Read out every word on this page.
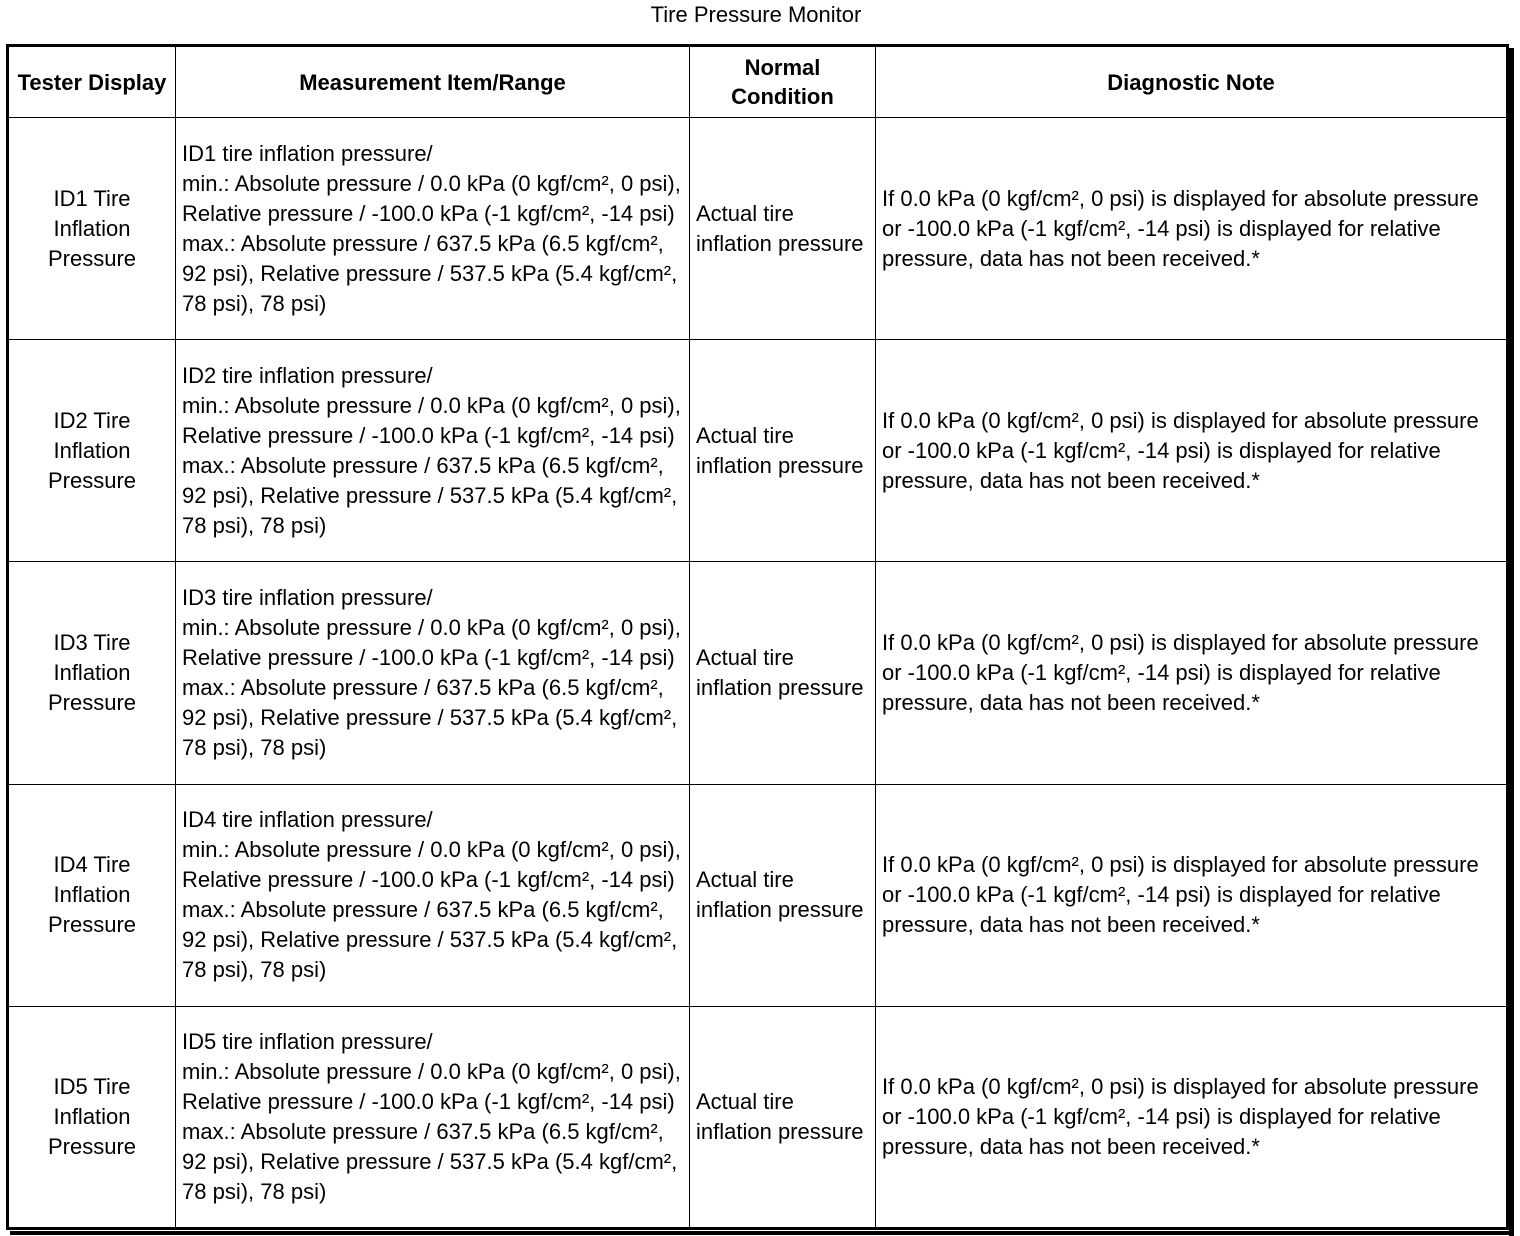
Tire Pressure Monitor
Tester Display	Measurement Item/Range	Normal Condition	Diagnostic Note
ID1 Tire Inflation Pressure	ID1 tire inflation pressure/
min.: Absolute pressure / 0.0 kPa (0 kgf/cm², 0 psi), Relative pressure / -100.0 kPa (-1 kgf/cm², -14 psi)
max.: Absolute pressure / 637.5 kPa (6.5 kgf/cm², 92 psi), Relative pressure / 537.5 kPa (5.4 kgf/cm², 78 psi), 78 psi)	Actual tire inflation pressure	If 0.0 kPa (0 kgf/cm², 0 psi) is displayed for absolute pressure or -100.0 kPa (-1 kgf/cm², -14 psi) is displayed for relative pressure, data has not been received.*
ID2 Tire Inflation Pressure	ID2 tire inflation pressure/
min.: Absolute pressure / 0.0 kPa (0 kgf/cm², 0 psi), Relative pressure / -100.0 kPa (-1 kgf/cm², -14 psi)
max.: Absolute pressure / 637.5 kPa (6.5 kgf/cm², 92 psi), Relative pressure / 537.5 kPa (5.4 kgf/cm², 78 psi), 78 psi)	Actual tire inflation pressure	If 0.0 kPa (0 kgf/cm², 0 psi) is displayed for absolute pressure or -100.0 kPa (-1 kgf/cm², -14 psi) is displayed for relative pressure, data has not been received.*
ID3 Tire Inflation Pressure	ID3 tire inflation pressure/
min.: Absolute pressure / 0.0 kPa (0 kgf/cm², 0 psi), Relative pressure / -100.0 kPa (-1 kgf/cm², -14 psi)
max.: Absolute pressure / 637.5 kPa (6.5 kgf/cm², 92 psi), Relative pressure / 537.5 kPa (5.4 kgf/cm², 78 psi), 78 psi)	Actual tire inflation pressure	If 0.0 kPa (0 kgf/cm², 0 psi) is displayed for absolute pressure or -100.0 kPa (-1 kgf/cm², -14 psi) is displayed for relative pressure, data has not been received.*
ID4 Tire Inflation Pressure	ID4 tire inflation pressure/
min.: Absolute pressure / 0.0 kPa (0 kgf/cm², 0 psi), Relative pressure / -100.0 kPa (-1 kgf/cm², -14 psi)
max.: Absolute pressure / 637.5 kPa (6.5 kgf/cm², 92 psi), Relative pressure / 537.5 kPa (5.4 kgf/cm², 78 psi), 78 psi)	Actual tire inflation pressure	If 0.0 kPa (0 kgf/cm², 0 psi) is displayed for absolute pressure or -100.0 kPa (-1 kgf/cm², -14 psi) is displayed for relative pressure, data has not been received.*
ID5 Tire Inflation Pressure	ID5 tire inflation pressure/
min.: Absolute pressure / 0.0 kPa (0 kgf/cm², 0 psi), Relative pressure / -100.0 kPa (-1 kgf/cm², -14 psi)
max.: Absolute pressure / 637.5 kPa (6.5 kgf/cm², 92 psi), Relative pressure / 537.5 kPa (5.4 kgf/cm², 78 psi), 78 psi)	Actual tire inflation pressure	If 0.0 kPa (0 kgf/cm², 0 psi) is displayed for absolute pressure or -100.0 kPa (-1 kgf/cm², -14 psi) is displayed for relative pressure, data has not been received.*
